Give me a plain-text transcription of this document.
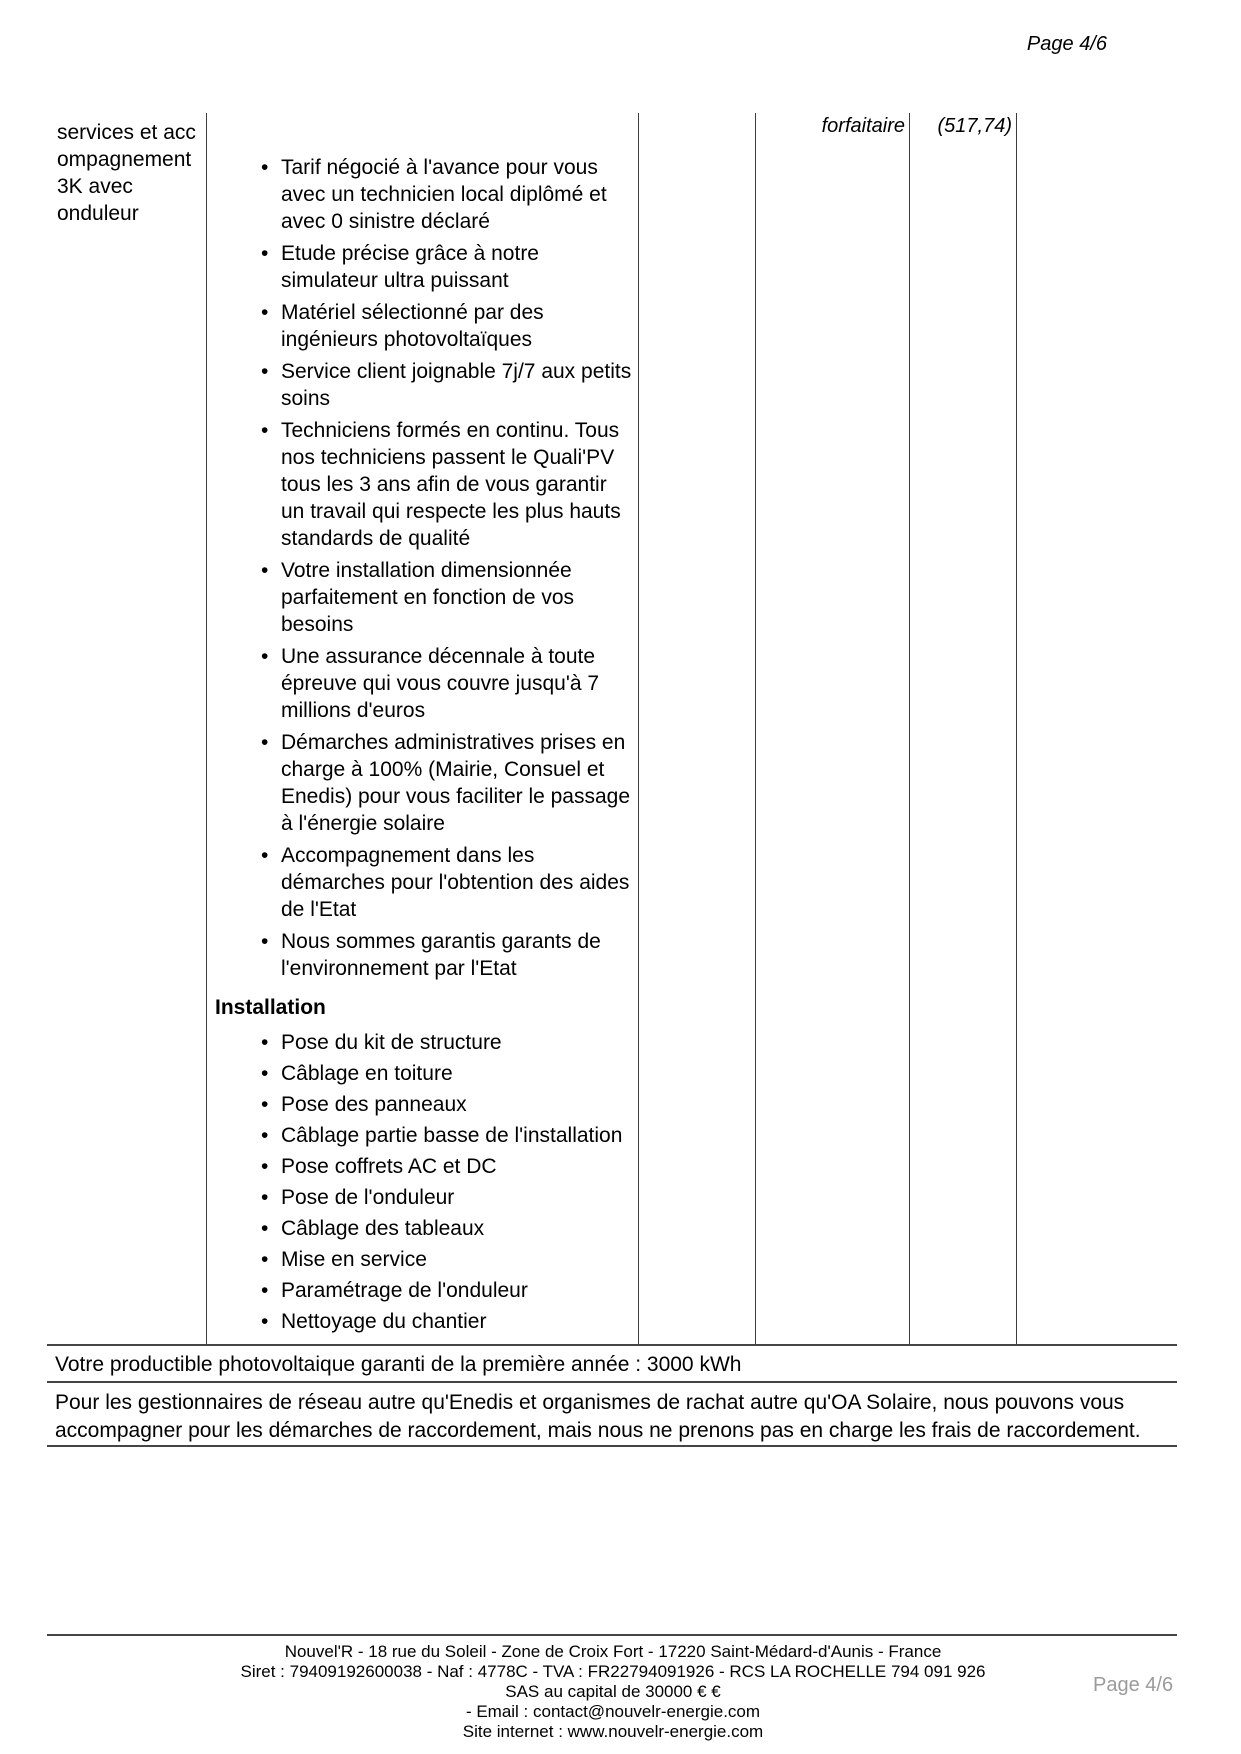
Page 4/6
services et acc
ompagnement
3K avec
onduleur
• Tarif négocié à l'avance pour vous avec un technicien local diplômé et avec 0 sinistre déclaré
• Etude précise grâce à notre simulateur ultra puissant
• Matériel sélectionné par des ingénieurs photovoltaïques
• Service client joignable 7j/7 aux petits soins
• Techniciens formés en continu. Tous nos techniciens passent le Quali'PV tous les 3 ans afin de vous garantir un travail qui respecte les plus hauts standards de qualité
• Votre installation dimensionnée parfaitement en fonction de vos besoins
• Une assurance décennale à toute épreuve qui vous couvre jusqu'à 7 millions d'euros
• Démarches administratives prises en charge à 100% (Mairie, Consuel et Enedis) pour vous faciliter le passage à l'énergie solaire
• Accompagnement dans les démarches pour l'obtention des aides de l'Etat
• Nous sommes garantis garants de l'environnement par l'Etat
Installation
• Pose du kit de structure
• Câblage en toiture
• Pose des panneaux
• Câblage partie basse de l'installation
• Pose coffrets AC et DC
• Pose de l'onduleur
• Câblage des tableaux
• Mise en service
• Paramétrage de l'onduleur
• Nettoyage du chantier
forfaitaire	(517,74)
Votre productible photovoltaique garanti de la première année : 3000 kWh
Pour les gestionnaires de réseau autre qu'Enedis et organismes de rachat autre qu'OA Solaire, nous pouvons vous
accompagner pour les démarches de raccordement, mais nous ne prenons pas en charge les frais de raccordement.
Nouvel'R - 18 rue du Soleil - Zone de Croix Fort - 17220 Saint-Médard-d'Aunis - France
Siret : 79409192600038 - Naf : 4778C - TVA : FR22794091926 - RCS LA ROCHELLE 794 091 926
SAS au capital de 30000 € €
- Email : contact@nouvelr-energie.com
Site internet : www.nouvelr-energie.com
Page 4/6
